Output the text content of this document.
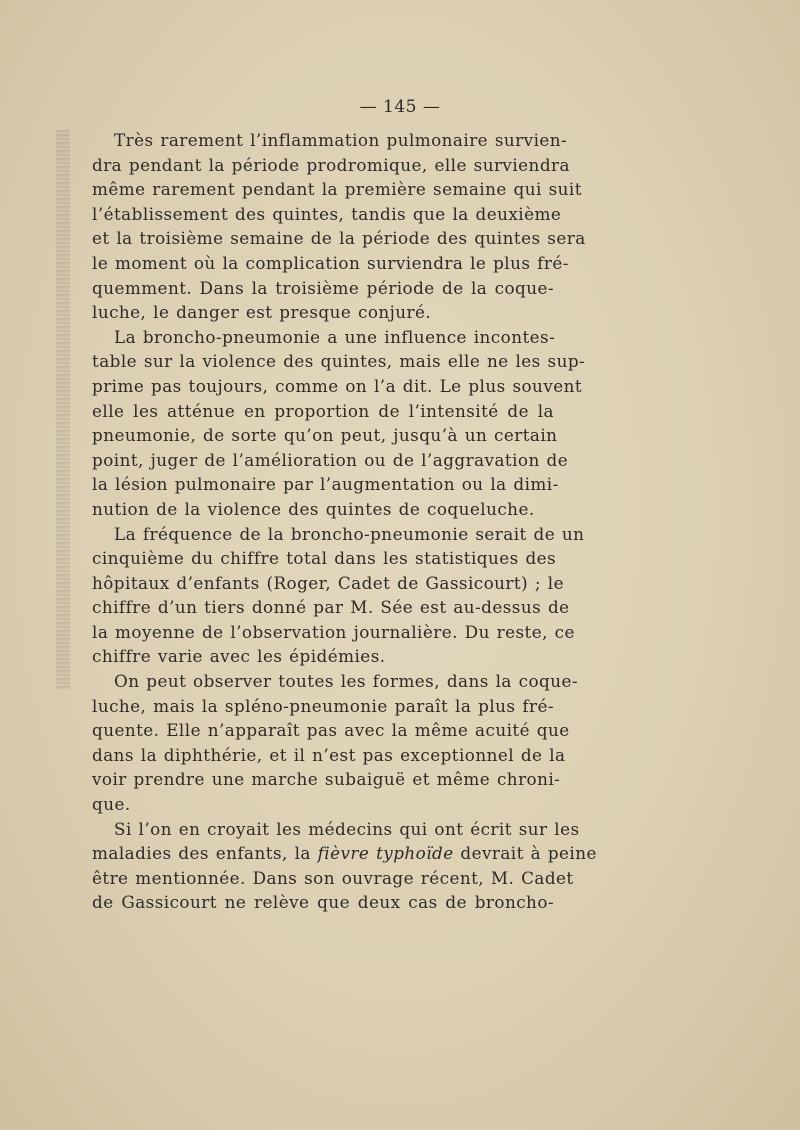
— 145 —
Très rarement l’inflammation pulmonaire survien-
dra pendant la période prodromique, elle surviendra
même rarement pendant la première semaine qui suit
l’établissement des quintes, tandis que la deuxième
et la troisième semaine de la période des quintes sera
le moment où la complication surviendra le plus fré-
quemment. Dans la troisième période de la coque-
luche, le danger est presque conjuré.
La broncho-pneumonie a une influence incontes-
table sur la violence des quintes, mais elle ne les sup-
prime pas toujours, comme on l’a dit. Le plus souvent
elle les atténue en proportion de l’intensité de la
pneumonie, de sorte qu’on peut, jusqu’à un certain
point, juger de l’amélioration ou de l’aggravation de
la lésion pulmonaire par l’augmentation ou la dimi-
nution de la violence des quintes de coqueluche.
La fréquence de la broncho-pneumonie serait de un
cinquième du chiffre total dans les statistiques des
hôpitaux d’enfants (Roger, Cadet de Gassicourt) ; le
chiffre d’un tiers donné par M. Sée est au-dessus de
la moyenne de l’observation journalière. Du reste, ce
chiffre varie avec les épidémies.
On peut observer toutes les formes, dans la coque-
luche, mais la spléno-pneumonie paraît la plus fré-
quente. Elle n’apparaît pas avec la même acuité que
dans la diphthérie, et il n’est pas exceptionnel de la
voir prendre une marche subaiguë et même chroni-
que.
Si l’on en croyait les médecins qui ont écrit sur les
maladies des enfants, la fièvre typhoïde devrait à peine
être mentionnée. Dans son ouvrage récent, M. Cadet
de Gassicourt ne relève que deux cas de broncho-
